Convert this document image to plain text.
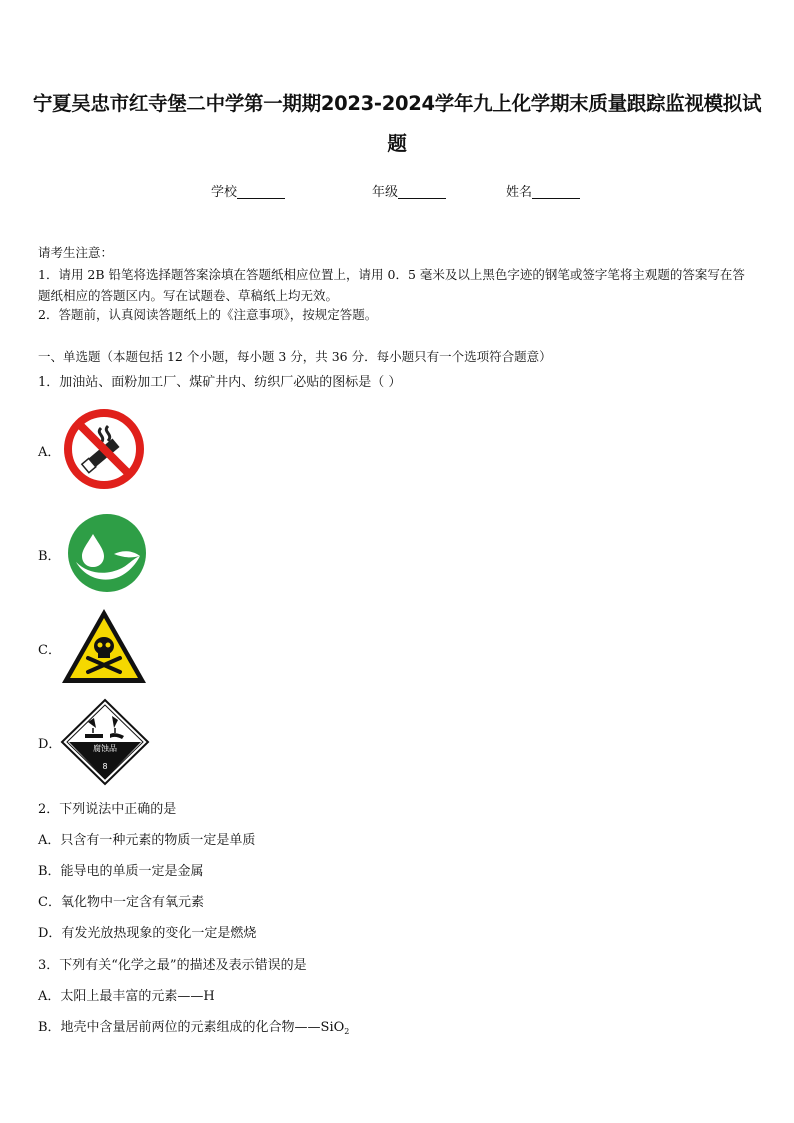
宁夏吴忠市红寺堡二中学第一期期2023-2024学年九上化学期末质量跟踪监视模拟试题
学校	年级	姓名
请考生注意：
1．请用 2B 铅笔将选择题答案涂填在答题纸相应位置上，请用 0．5 毫米及以上黑色字迹的钢笔或签字笔将主观题的答案写在答题纸相应的答题区内。写在试题卷、草稿纸上均无效。
2．答题前，认真阅读答题纸上的《注意事项》，按规定答题。
一、单选题（本题包括 12 个小题，每小题 3 分，共 36 分．每小题只有一个选项符合题意）
1．加油站、面粉加工厂、煤矿井内、纺织厂必贴的图标是（ ）
A．
B．
C．
D．	腐蚀品
8
2．下列说法中正确的是
A．只含有一种元素的物质一定是单质
B．能导电的单质一定是金属
C．氧化物中一定含有氧元素
D．有发光放热现象的变化一定是燃烧
3．下列有关“化学之最”的描述及表示错误的是
A．太阳上最丰富的元素——H
B．地壳中含量居前两位的元素组成的化合物——SiO$_2$
